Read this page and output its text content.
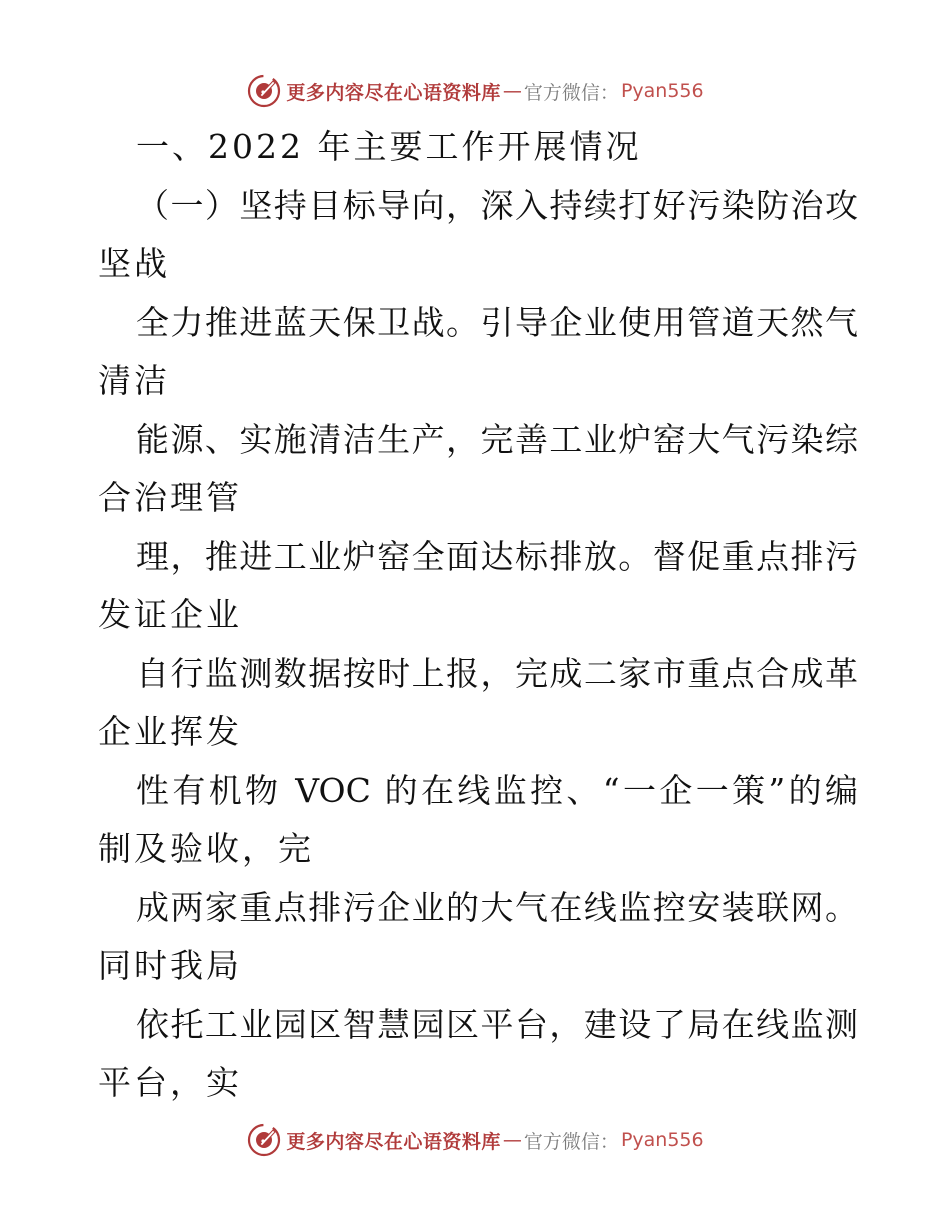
更多内容尽在心语资料库 — 官方微信： Pyan556
一、2022 年主要工作开展情况
（一）坚持目标导向，深入持续打好污染防治攻
坚战
全力推进蓝天保卫战。引导企业使用管道天然气
清洁
能源、实施清洁生产，完善工业炉窑大气污染综
合治理管
理，推进工业炉窑全面达标排放。督促重点排污
发证企业
自行监测数据按时上报，完成二家市重点合成革
企业挥发
性有机物 VOC 的在线监控、“一企一策”的编
制及验收，完
成两家重点排污企业的大气在线监控安装联网。
同时我局
依托工业园区智慧园区平台，建设了局在线监测
平台，实
更多内容尽在心语资料库 — 官方微信： Pyan556
